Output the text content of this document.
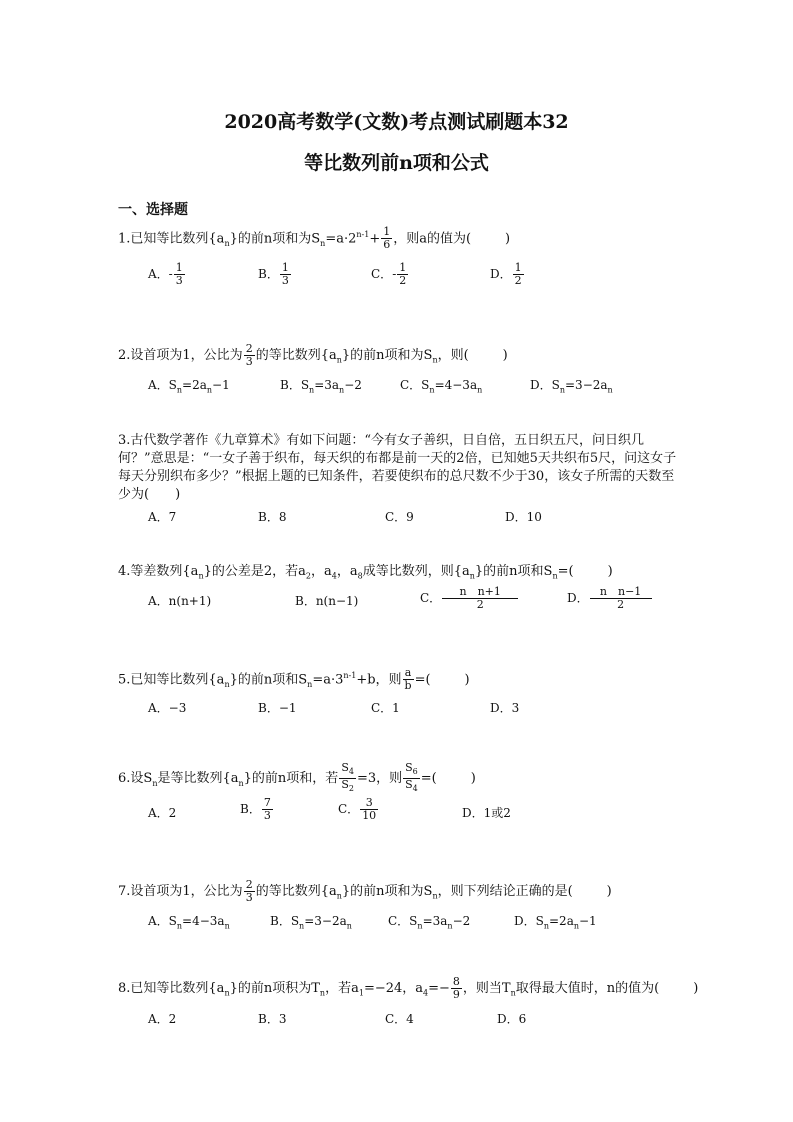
2020高考数学(文数)考点测试刷题本32
等比数列前n项和公式
一、选择题
1.已知等比数列$\{a_n\}$的前n项和为$S_n=a\cdot 2^{n-1}+ \frac{1}{6}$ ，则a的值为(	)
A．- $\frac{1}{3}$	B． $\frac{1}{3}$	C．- $\frac{1}{2}$	D． $\frac{1}{2}$
2.设首项为1，公比为 $\frac{2}{3}$ 的等比数列$\{a_n\}$的前n项和为$S_n$，则(	)
A．$S_n=2a_n-1$	B．$S_n=3a_n-2$	C．$S_n=4-3a_n$	D．$S_n=3-2a_n$
3.古代数学著作《九章算术》有如下问题：“今有女子善织，日自倍，五日织五尺，问日织几何？”意思是：“一女子善于织布，每天织的布都是前一天的2倍，已知她5天共织布5尺，问这女子每天分别织布多少？”根据上题的已知条件，若要使织布的总尺数不少于30，该女子所需的天数至少为(　　)
A．7	B．8	C．9	D．10
4.等差数列$\{a_n\}$的公差是2，若$a_2$，$a_4$，$a_8$成等比数列，则$\{a_n\}$的前n项和$S_n=$(	)
A．n(n+1)	B．n(n−1)	C． $\frac{\text{n　n+1}}{2}$	D． $\frac{\text{n　n−1}}{2}$
5.已知等比数列$\{a_n\}$的前n项和$S_n=a\cdot 3^{n-1}+b$，则 $\frac{a}{b}$ =(	)
A．−3	B．−1	C．1	D．3
6.设$S_n$是等比数列$\{a_n\}$的前n项和，若 $\frac{S_4}{S_2} =3$，则 $\frac{S_6}{S_4}$ =(	)
A．2	B． $\frac{7}{3}$	C． $\frac{3}{10}$	D．1或2
7.设首项为1，公比为 $\frac{2}{3}$ 的等比数列$\{a_n\}$的前n项和为$S_n$，则下列结论正确的是(	)
A．$S_n=4-3a_n$	B．$S_n=3-2a_n$	C．$S_n=3a_n-2$	D．$S_n=2a_n-1$
8.已知等比数列$\{a_n\}$的前n项积为$T_n$，若$a_1=-24$，$a_4=- \frac{8}{9}$ ，则当$T_n$取得最大值时，n的值为(	)
A．2	B．3	C．4	D．6
